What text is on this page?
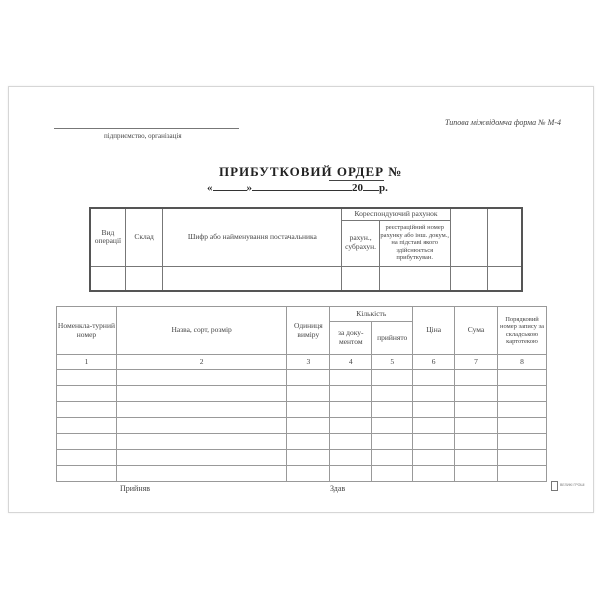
Типова міжвідомча форма № М-4
підприємство, організація
ПРИБУТКОВИЙ ОРДЕР №
«	»	20 р.
Вид операції	Склад	Шифр або найменування постачальника	Кореспондуючий рахунок			
			рахун., субрахун.	реєстраційний номер рахунку або інш. докум., на підставі якого здійснюється прибуткуван.		

Номенкла-турний номер	Назва, сорт, розмір	Одиниця виміру	Кількість		Ціна	Сума	Порядковий номер запису за складською картотекою
			за доку-ментом	прийнято			
1	2	3	4	5	6	7	8

Прийняв	Здав	ВЕЛИКІ ГРОШІ
